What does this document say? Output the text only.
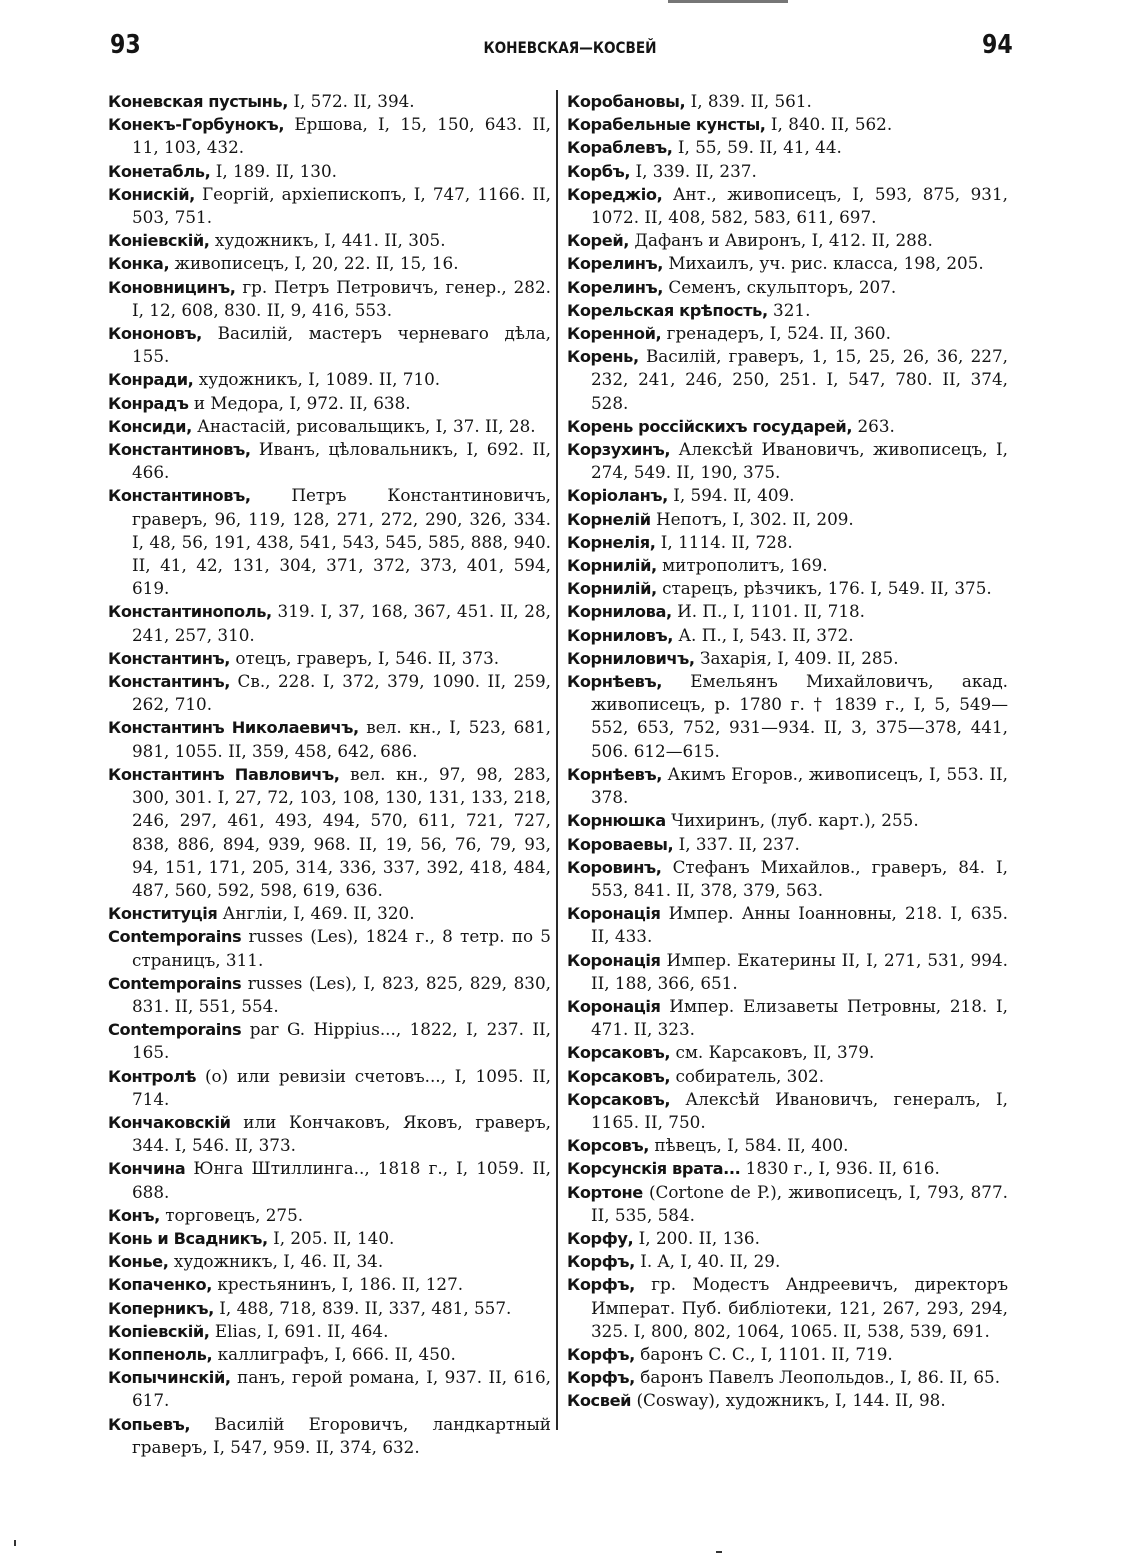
93	КОНЕВСКАЯ—КОСВЕЙ	94

Коневская пустынь, I, 572. II, 394.

Конекъ-Горбунокъ, Ершова, I, 15, 150, 643. II, 11, 103, 432.

Конетабль, I, 189. II, 130.

Конискій, Георгій, архіепископъ, I, 747, 1166. II, 503, 751.

Коніевскій, художникъ, I, 441. II, 305.

Конка, живописецъ, I, 20, 22. II, 15, 16.

Коновницинъ, гр. Петръ Петровичъ, генер., 282. I, 12, 608, 830. II, 9, 416, 553.

Кононовъ, Василій, мастеръ черневаго дѣла, 155.

Конради, художникъ, I, 1089. II, 710.

Конрадъ и Медора, I, 972. II, 638.

Консиди, Анастасій, рисовальщикъ, I, 37. II, 28.

Константиновъ, Иванъ, цѣловальникъ, I, 692. II, 466.

Константиновъ, Петръ Константиновичъ, граверъ, 96, 119, 128, 271, 272, 290, 326, 334. I, 48, 56, 191, 438, 541, 543, 545, 585, 888, 940. II, 41, 42, 131, 304, 371, 372, 373, 401, 594, 619.

Константинополь, 319. I, 37, 168, 367, 451. II, 28, 241, 257, 310.

Константинъ, отецъ, граверъ, I, 546. II, 373.

Константинъ, Св., 228. I, 372, 379, 1090. II, 259, 262, 710.

Константинъ Николаевичъ, вел. кн., I, 523, 681, 981, 1055. II, 359, 458, 642, 686.

Константинъ Павловичъ, вел. кн., 97, 98, 283, 300, 301. I, 27, 72, 103, 108, 130, 131, 133, 218, 246, 297, 461, 493, 494, 570, 611, 721, 727, 838, 886, 894, 939, 968. II, 19, 56, 76, 79, 93, 94, 151, 171, 205, 314, 336, 337, 392, 418, 484, 487, 560, 592, 598, 619, 636.

Конституція Англіи, I, 469. II, 320.

Contemporains russes (Les), 1824 г., 8 тетр. по 5 страницъ, 311.

Contemporains russes (Les), I, 823, 825, 829, 830, 831. II, 551, 554.

Contemporains par G. Hippius..., 1822, I, 237. II, 165.

Контролѣ (о) или ревизіи счетовъ..., I, 1095. II, 714.

Кончаковскій или Кончаковъ, Яковъ, граверъ, 344. I, 546. II, 373.

Кончина Юнга Штиллинга.., 1818 г., I, 1059. II, 688.

Конъ, торговецъ, 275.

Конь и Всадникъ, I, 205. II, 140.

Конье, художникъ, I, 46. II, 34.

Копаченко, крестьянинъ, I, 186. II, 127.

Коперникъ, I, 488, 718, 839. II, 337, 481, 557.

Копіевскій, Elias, I, 691. II, 464.

Коппеноль, каллиграфъ, I, 666. II, 450.

Копычинскій, панъ, герой романа, I, 937. II, 616, 617.

Копьевъ, Василій Егоровичъ, ландкартный граверъ, I, 547, 959. II, 374, 632.

Коробановы, I, 839. II, 561.

Корабельные кунсты, I, 840. II, 562.

Кораблевъ, I, 55, 59. II, 41, 44.

Корбъ, I, 339. II, 237.

Кореджіо, Ант., живописецъ, I, 593, 875, 931, 1072. II, 408, 582, 583, 611, 697.

Корей, Дафанъ и Авиронъ, I, 412. II, 288.

Корелинъ, Михаилъ, уч. рис. класса, 198, 205.

Корелинъ, Семенъ, скульпторъ, 207.

Корельская крѣпость, 321.

Коренной, гренадеръ, I, 524. II, 360.

Корень, Василій, граверъ, 1, 15, 25, 26, 36, 227, 232, 241, 246, 250, 251. I, 547, 780. II, 374, 528.

Корень россійскихъ государей, 263.

Корзухинъ, Алексѣй Ивановичъ, живописецъ, I, 274, 549. II, 190, 375.

Коріоланъ, I, 594. II, 409.

Корнелій Непотъ, I, 302. II, 209.

Корнелія, I, 1114. II, 728.

Корнилій, митрополитъ, 169.

Корнилій, старецъ, рѣзчикъ, 176. I, 549. II, 375.

Корнилова, И. П., I, 1101. II, 718.

Корниловъ, А. П., I, 543. II, 372.

Корниловичъ, Захарія, I, 409. II, 285.

Корнѣевъ, Емельянъ Михайловичъ, акад. живописецъ, р. 1780 г. † 1839 г., I, 5, 549—552, 653, 752, 931—934. II, 3, 375—378, 441, 506. 612—615.

Корнѣевъ, Акимъ Егоров., живописецъ, I, 553. II, 378.

Корнюшка Чихиринъ, (луб. карт.), 255.

Короваевы, I, 337. II, 237.

Коровинъ, Стефанъ Михайлов., граверъ, 84. I, 553, 841. II, 378, 379, 563.

Коронація Импер. Анны Іоанновны, 218. I, 635. II, 433.

Коронація Импер. Екатерины II, I, 271, 531, 994. II, 188, 366, 651.

Коронація Импер. Елизаветы Петровны, 218. I, 471. II, 323.

Корсаковъ, см. Карсаковъ, II, 379.

Корсаковъ, собиратель, 302.

Корсаковъ, Алексѣй Ивановичъ, генералъ, I, 1165. II, 750.

Корсовъ, пѣвецъ, I, 584. II, 400.

Корсунскія врата... 1830 г., I, 936. II, 616.

Кортоне (Cortone de P.), живописецъ, I, 793, 877. II, 535, 584.

Корфу, I, 200. II, 136.

Корфъ, I. A, I, 40. II, 29.

Корфъ, гр. Модестъ Андреевичъ, директоръ Императ. Пуб. библіотеки, 121, 267, 293, 294, 325. I, 800, 802, 1064, 1065. II, 538, 539, 691.

Корфъ, баронъ С. С., I, 1101. II, 719.

Корфъ, баронъ Павелъ Леопольдов., I, 86. II, 65.

Косвей (Cosway), художникъ, I, 144. II, 98.
